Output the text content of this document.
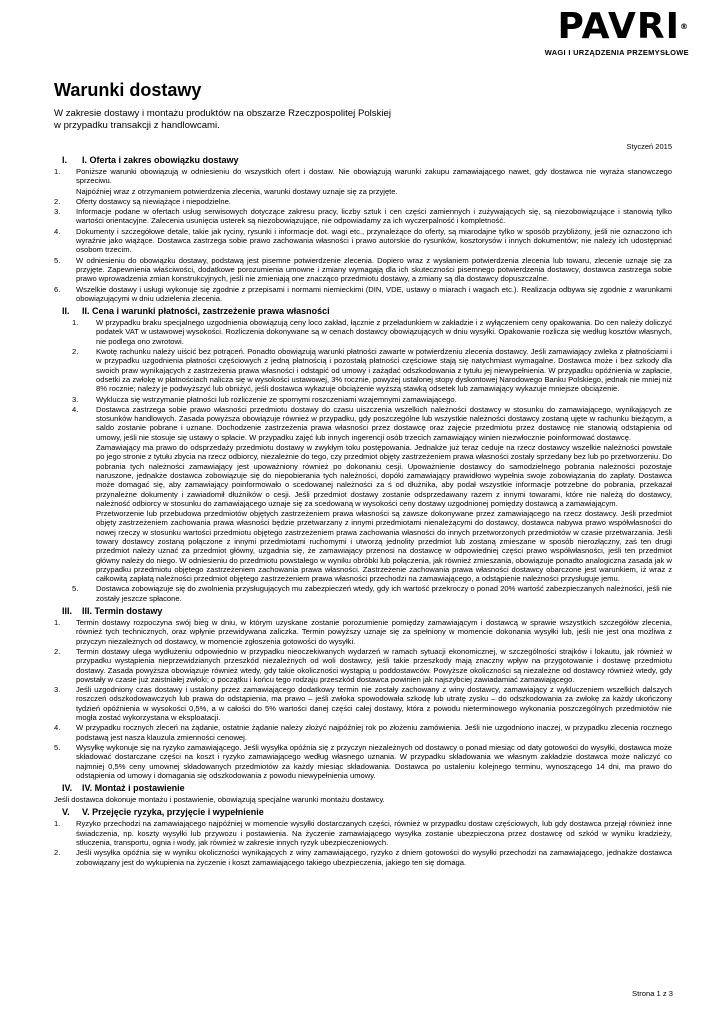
PAVRI®
WAGI I URZĄDZENIA PRZEMYSŁOWE
Warunki dostawy
W zakresie dostawy i montażu produktów na obszarze Rzeczpospolitej Polskiej
w przypadku transakcji z handlowcami.
Styczeń 2015
I.	I. Oferta i zakres obowiązku dostawy
1.	Poniższe warunki obowiązują w odniesieniu do wszystkich ofert i dostaw. Nie obowiązują warunki zakupu zamawiającego nawet, gdy dostawca nie wyraża stanowczego sprzeciwu.
Najpóźniej wraz z otrzymaniem potwierdzenia zlecenia, warunki dostawy uznaje się za przyjęte.
2.	Oferty dostawcy są niewiążące i niepodzielne.
3.	Informacje podane w ofertach usług serwisowych dotyczące zakresu pracy, liczby sztuk i cen części zamiennych i zużywających się, są niezobowiązujące i stanowią tylko wartości orientacyjne. Zalecenia usunięcia usterek są niezobowiązujące, nie odpowiadamy za ich wyczerpalność i kompletność.
4.	Dokumenty i szczegółowe detale, takie jak ryciny, rysunki i informacje dot. wagi etc., przynależące do oferty, są miarodajne tylko w sposób przybliżony, jeśli nie oznaczono ich wyraźnie jako wiążące. Dostawca zastrzega sobie prawo zachowania własności i prawo autorskie do rysunków, kosztorysów i innych dokumentów; nie należy ich udostępniać osobom trzecim.
5.	W odniesieniu do obowiązku dostawy, podstawą jest pisemne potwierdzenie zlecenia. Dopiero wraz z wysłaniem potwierdzenia zlecenia lub towaru, zlecenie uznaje się za przyjęte. Zapewnienia właściwości, dodatkowe porozumienia umowne i zmiany wymagają dla ich skuteczności pisemnego potwierdzenia dostawcy, dostawca zastrzega sobie prawo wprowadzenia zmian konstrukcyjnych, jeśli nie zmieniają one znacząco przedmiotu dostawy, a zmiany są dla dostawcy dopuszczalne.
6.	Wszelkie dostawy i usługi wykonuje się zgodnie z przepisami i normami niemieckimi (DIN, VDE, ustawy o miarach i wagach etc.). Realizacja odbywa się zgodnie z warunkami obowiązującymi w dniu udzielenia zlecenia.
II.	II. Cena i warunki płatności, zastrzeżenie prawa własności
1.	W przypadku braku specjalnego uzgodnienia obowiązują ceny loco zakład, łącznie z przeładunkiem w zakładzie i z wyłączeniem ceny opakowania. Do cen należy doliczyć podatek VAT w ustawowej wysokości. Rozliczenia dokonywane są w cenach dostawcy obowiązujących w dniu wysyłki. Opakowanie rozlicza się według kosztów własnych, nie podlega ono zwrotowi.
2.	Kwotę rachunku należy uiścić bez potrąceń. Ponadto obowiązują warunki płatności zawarte w potwierdzeniu zlecenia dostawcy. Jeśli zamawiający zwleka z płatnościami i w przypadku uzgodnienia płatności częściowych z jedną płatnością i pozostałą płatności częściowe stają się natychmiast wymagalne. Dostawca może i bez szkody dla swoich praw wynikających z zastrzeżenia prawa własności i odstąpić od umowy i zażądać odszkodowania z tytułu jej niewypełnienia. W przypadku opóźnienia w zapłacie, odsetki za zwłokę w płatnościach nalicza się w wysokości ustawowej, 3% rocznie, powyżej ustalonej stopy dyskontowej Narodowego Banku Polskiego, jednak nie mniej niż 8% rocznie; należy je podwyższyć lub obniżyć, jeśli dostawca wykazuje obciążenie wyższą stawką odsetek lub zamawiający wykazuje mniejsze obciążenie.
3.	Wyklucza się wstrzymanie płatności lub rozliczenie ze spornymi roszczeniami wzajemnymi zamawiającego.
4.	Dostawca zastrzega sobie prawo własności przedmiotu dostawy do czasu uiszczenia wszelkich należności dostawcy w stosunku do zamawiającego, wynikających ze stosunków handlowych. Zasada powyższa obowiązuje również w przypadku, gdy poszczególne lub wszystkie należności dostawcy zostaną ujęte w rachunku bieżącym, a saldo zostanie pobrane i uznane. Dochodzenie zastrzeżenia prawa własności przez dostawcę oraz zajęcie przedmiotu przez dostawcę nie stanowią odstąpienia od umowy, jeśli nie stosuje się ustawy o spłacie. W przypadku zajęć lub innych ingerencji osób trzecich zamawiający winien niezwłocznie poinformować dostawcę.
Zamawiający ma prawo do odsprzedaży przedmiotu dostawy w zwykłym toku postępowania. Jednakże już teraz ceduje na rzecz dostawcy wszelkie należności powstałe po jego stronie z tytułu zbycia na rzecz odbiorcy, niezależnie do tego, czy przedmiot objęty zastrzeżeniem prawa własności zostały sprzedany bez lub po przetworzeniu. Do pobrania tych należności zamawiający jest upoważniony również po dokonaniu cesji. Upoważnienie dostawcy do samodzielnego pobrania należności pozostaje naruszone, jednakże dostawca zobowiązuje się do niepobierania tych należności, dopóki zamawiający prawidłowo wypełnia swoje zobowiązania do zapłaty. Dostawca może domagać się, aby zamawiający poinformowało o scedowanej należności za ś od dłużnika, aby podał wszystkie informacje potrzebne do pobrania, przekazał przynależne dokumenty i zawiadomił dłużników o cesji. Jeśli przedmiot dostawy zostanie odsprzedawany razem z innymi towarami, które nie należą do dostawcy, należność odbiorcy w stosunku do zamawiającego uznaje się za scedowaną w wysokości ceny dostawy uzgodnionej pomiędzy dostawcą a zamawiającym.
Przetworzenie lub przebudowa przedmiotów objętych zastrzeżeniem prawa własności są zawsze dokonywane przez zamawiającego na rzecz dostawcy. Jeśli przedmiot objęty zastrzeżeniem zachowania prawa własności będzie przetwarzany z innymi przedmiotami nienależącymi do dostawcy, dostawca nabywa prawo współwłasności do nowej rzeczy w stosunku wartości przedmiotu objętego zastrzeżeniem prawa zachowania własności do innych przetworzonych przedmiotów w czasie przetwarzania. Jeśli towary dostawcy zostaną połączone z innymi przedmiotami ruchomymi i utworzą jednolity przedmiot lub zostaną zmieszane w sposób nierozłączny, zaś ten drugi przedmiot należy uznać za przedmiot główny, uzgadnia się, że zamawiający przenosi na dostawcę w odpowiedniej części prawo współwłasności, jeśli ten przedmiot główny należy do niego. W odniesieniu do przedmiotu powstałego w wyniku obróbki lub połączenia, jak również zmieszania, obowiązuje ponadto analogiczna zasada jak w przypadku przedmiotu objętego zastrzeżeniem zachowania prawa własności. Zastrzeżenie zachowania prawa własności dostawcy obarczone jest warunkiem, iż wraz z całkowitą zapłatą należności przedmiot objętego zastrzeżeniem prawa własności przechodzi na zamawiającego, a odstąpienie należności przysługuje jemu.
5.	Dostawca zobowiązuje się do zwolnienia przysługujących mu zabezpieczeń wtedy, gdy ich wartość przekroczy o ponad 20% wartość zabezpieczanych należności, jeśli nie zostały jeszcze spłacone.
III.	III. Termin dostawy
1.	Termin dostawy rozpoczyna swój bieg w dniu, w którym uzyskane zostanie porozumienie pomiędzy zamawiającym i dostawcą w sprawie wszystkich szczegółów zlecenia, również tych technicznych, oraz wpłynie przewidywana zaliczka. Termin powyższy uznaje się za spełniony w momencie dokonania wysyłki lub, jeśli nie jest ona możliwa z przyczyn niezależnych od dostawcy, w momencie zgłoszenia gotowości do wysyłki.
2.	Termin dostawy ulega wydłużeniu odpowiednio w przypadku nieoczekiwanych wydarzeń w ramach sytuacji ekonomicznej, w szczególności strajków i lokautu, jak również w przypadku wystąpienia nieprzewidzianych przeszkód niezależnych od woli dostawcy, jeśli takie przeszkody mają znaczny wpływ na przygotowanie i dostawę przedmiotu dostawy. Zasada powyższa obowiązuje również wtedy, gdy takie okoliczności wystąpią u poddostawców. Powyższe okoliczności są niezależne od dostawcy również wtedy, gdy powstały w czasie już zaistniałej zwłoki; o początku i końcu tego rodzaju przeszkód dostawca powinien jak najszybciej zawiadamiać zamawiającego.
3.	Jeśli uzgodniony czas dostawy i ustalony przez zamawiającego dodatkowy termin nie zostały zachowany z winy dostawcy, zamawiający z wykluczeniem wszelkich dalszych roszczeń odszkodowawczych lub prawa do odstąpienia, ma prawo – jeśli zwłoka spowodowała szkodę lub utratę zysku – do odszkodowania za zwłokę za każdy ukończony tydzień opóźnienia w wysokości 0,5%, a w całości do 5% wartości danej części całej dostawy, która z powodu nieterminowego wykonania poszczególnych przedmiotów nie mogła zostać wykorzystana w eksploatacji.
4.	W przypadku rocznych zleceń na żądanie, ostatnie żądanie należy złożyć najpóźniej rok po złożeniu zamówienia. Jeśli nie uzgodniono inaczej, w przypadku zlecenia rocznego podstawą jest nasza klauzula zmienności cenowej.
5.	Wysyłkę wykonuje się na ryzyko zamawiającego. Jeśli wysyłka opóźnia się z przyczyn niezależnych od dostawcy o ponad miesiąc od daty gotowości do wysyłki, dostawca może składować dostarczane części na koszt i ryzyko zamawiającego według własnego uznania. W przypadku składowania we własnym zakładzie dostawca może naliczyć co najmniej 0,5% ceny umownej składowanych przedmiotów za każdy miesiąc składowania. Dostawca po ustaleniu kolejnego terminu, wynoszącego 14 dni, ma prawo do odstąpienia od umowy i domagania się odszkodowania z powodu niewypełnienia umowy.
IV.	IV. Montaż i postawienie
Jeśli dostawca dokonuje montażu i postawienie, obowiązują specjalne warunki montażu dostawcy.
V.	V. Przejęcie ryzyka, przyjęcie i wypełnienie
1.	Ryzyko przechodzi na zamawiającego najpóźniej w momencie wysyłki dostarczanych części, również w przypadku dostaw częściowych, lub gdy dostawca przejął również inne świadczenia, np. koszty wysyłki lub przywozu i postawienia. Na życzenie zamawiającego wysyłka zostanie ubezpieczona przez dostawcę od szkód w wyniku kradzieży, stłuczenia, transportu, ognia i wody, jak również w zakresie innych ryzyk ubezpieczeniowych.
2.	Jeśli wysyłka opóźnia się w wyniku okoliczności wynikających z winy zamawiającego, ryzyko z dniem gotowości do wysyłki przechodzi na zamawiającego, jednakże dostawca zobowiązany jest do wykupienia na życzenie i koszt zamawiającego takiego ubezpieczenia, jakiego ten się domaga.
Strona 1 z 3
